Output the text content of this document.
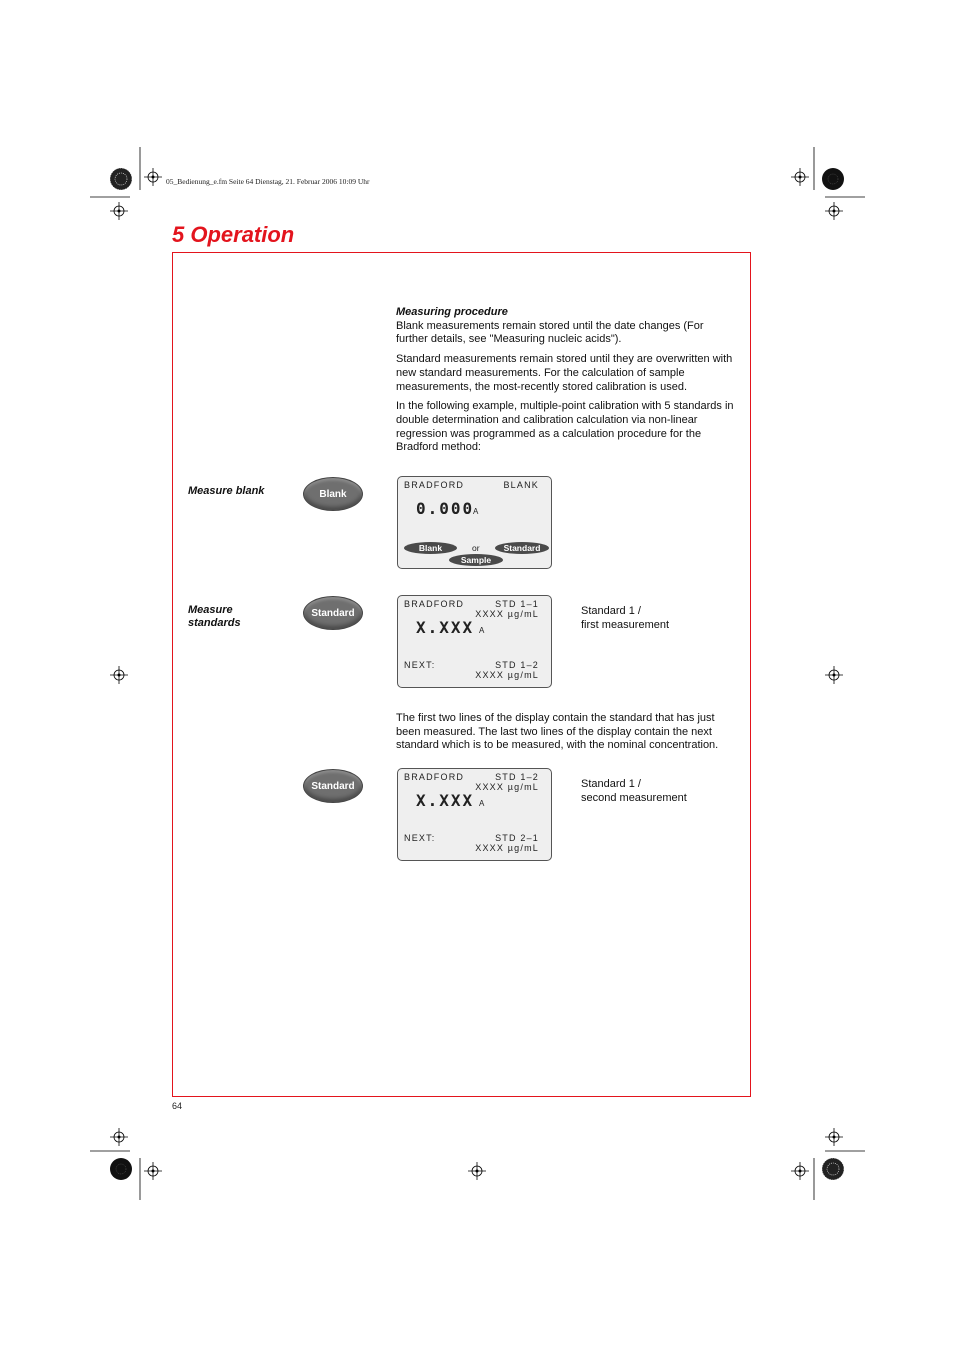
05_Bedienung_e.fm Seite 64 Dienstag, 21. Februar 2006 10:09 Uhr
5 Operation
Measuring procedure

Blank measurements remain stored until the date changes (For further details, see "Measuring nucleic acids").

Standard measurements remain stored until they are overwritten with new standard measurements. For the calculation of sample measurements, the most-recently stored calibration is used.

In the following example, multiple-point calibration with 5 standards in double determination and calibration calculation via non-linear regression was programmed as a calculation procedure for the Bradford method:

Measure blank	Blank
BRADFORD	BLANK
0.000
A
Blank	or	Standard
Sample
Measure standards
Standard
BRADFORD	STD 1–1
XXXX µg/mL
X.XXX A
NEXT:	STD 1–2
XXXX µg/mL
Standard 1 /
first measurement
The first two lines of the display contain the standard that has just been measured. The last two lines of the display contain the next standard which is to be measured, with the nominal concentration.
Standard
BRADFORD	STD 1–2
XXXX µg/mL
X.XXX A
NEXT:	STD 2–1
XXXX µg/mL
Standard 1 /
second measurement
64
